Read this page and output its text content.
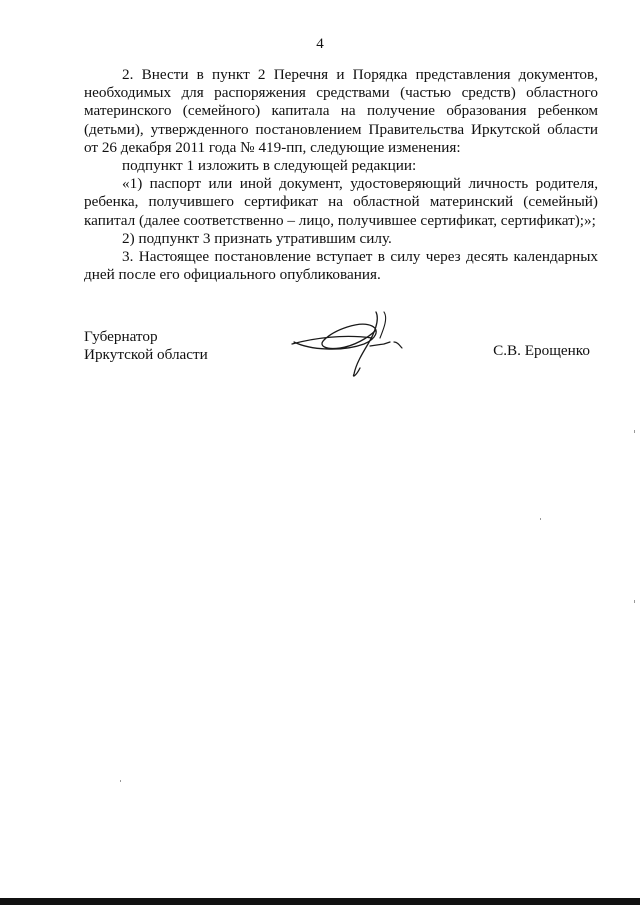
4

2. Внести в пункт 2 Перечня и Порядка представления документов, необходимых для распоряжения средствами (частью средств) областного материнского (семейного) капитала на получение образования ребенком (детьми), утвержденного постановлением Правительства Иркутской области от 26 декабря 2011 года № 419-пп, следующие изменения:

подпункт 1 изложить в следующей редакции:

«1) паспорт или иной документ, удостоверяющий личность родителя, ребенка, получившего сертификат на областной материнский (семейный) капитал (далее соответственно – лицо, получившее сертификат, сертификат);»;

2) подпункт 3 признать утратившим силу.

3. Настоящее постановление вступает в силу через десять календарных дней после его официального опубликования.

Губернатор
Иркутской области	С.В. Ерощенко
